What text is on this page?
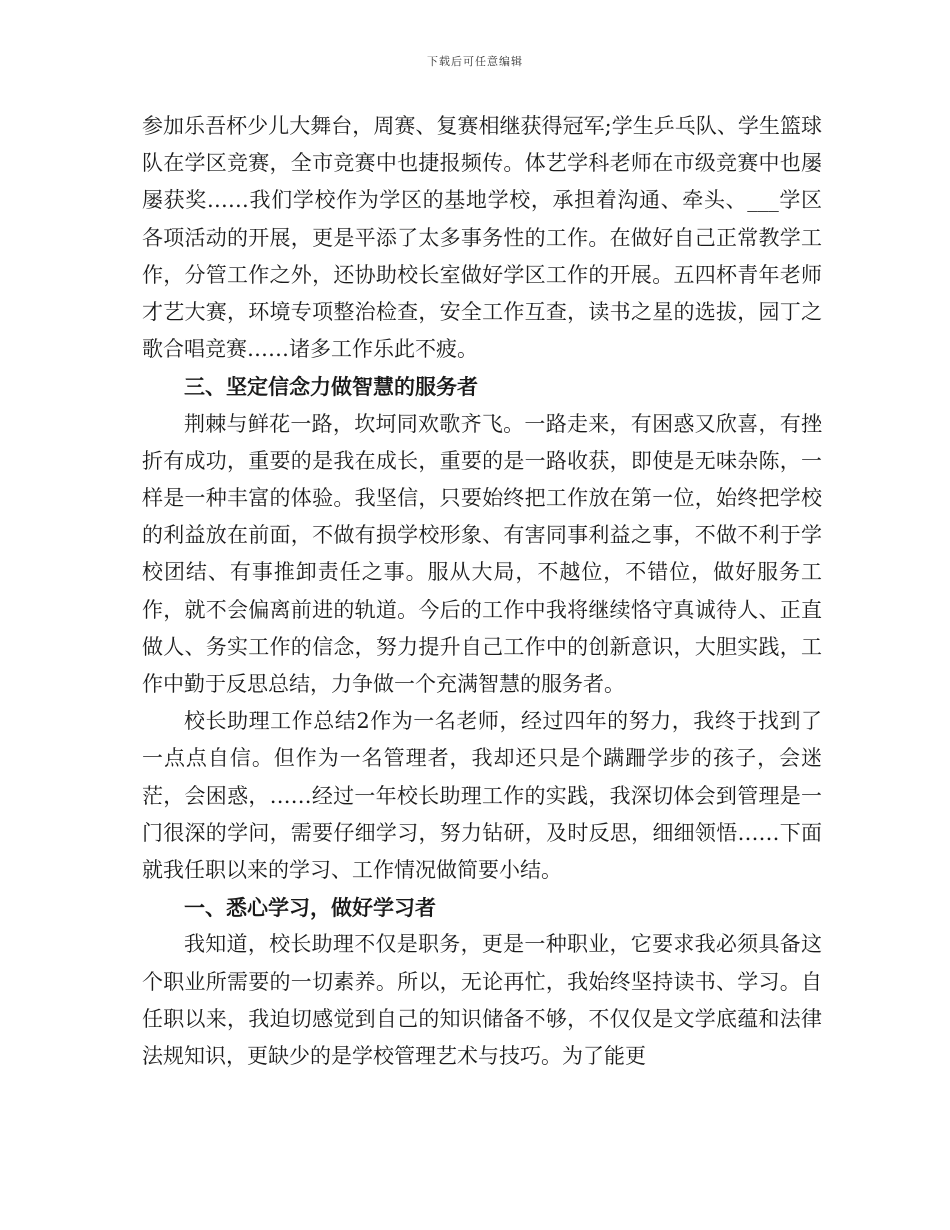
下载后可任意编辑

参加乐吾杯少儿大舞台，周赛、复赛相继获得冠军;学生乒乓队、学生篮球队在学区竞赛，全市竞赛中也捷报频传。体艺学科老师在市级竞赛中也屡屡获奖……我们学校作为学区的基地学校，承担着沟通、牵头、___学区各项活动的开展，更是平添了太多事务性的工作。在做好自己正常教学工作，分管工作之外，还协助校长室做好学区工作的开展。五四杯青年老师才艺大赛，环境专项整治检查，安全工作互查，读书之星的选拔，园丁之歌合唱竞赛……诸多工作乐此不疲。

三、坚定信念力做智慧的服务者

荆棘与鲜花一路，坎坷同欢歌齐飞。一路走来，有困惑又欣喜，有挫折有成功，重要的是我在成长，重要的是一路收获，即使是无味杂陈，一样是一种丰富的体验。我坚信，只要始终把工作放在第一位，始终把学校的利益放在前面，不做有损学校形象、有害同事利益之事，不做不利于学校团结、有事推卸责任之事。服从大局，不越位，不错位，做好服务工作，就不会偏离前进的轨道。今后的工作中我将继续恪守真诚待人、正直做人、务实工作的信念，努力提升自己工作中的创新意识，大胆实践，工作中勤于反思总结，力争做一个充满智慧的服务者。

校长助理工作总结2作为一名老师，经过四年的努力，我终于找到了一点点自信。但作为一名管理者，我却还只是个蹒跚学步的孩子，会迷茫，会困惑，……经过一年校长助理工作的实践，我深切体会到管理是一门很深的学问，需要仔细学习，努力钻研，及时反思，细细领悟……下面就我任职以来的学习、工作情况做简要小结。

一、悉心学习，做好学习者

我知道，校长助理不仅是职务，更是一种职业，它要求我必须具备这个职业所需要的一切素养。所以，无论再忙，我始终坚持读书、学习。自任职以来，我迫切感觉到自己的知识储备不够，不仅仅是文学底蕴和法律法规知识，更缺少的是学校管理艺术与技巧。为了能更
